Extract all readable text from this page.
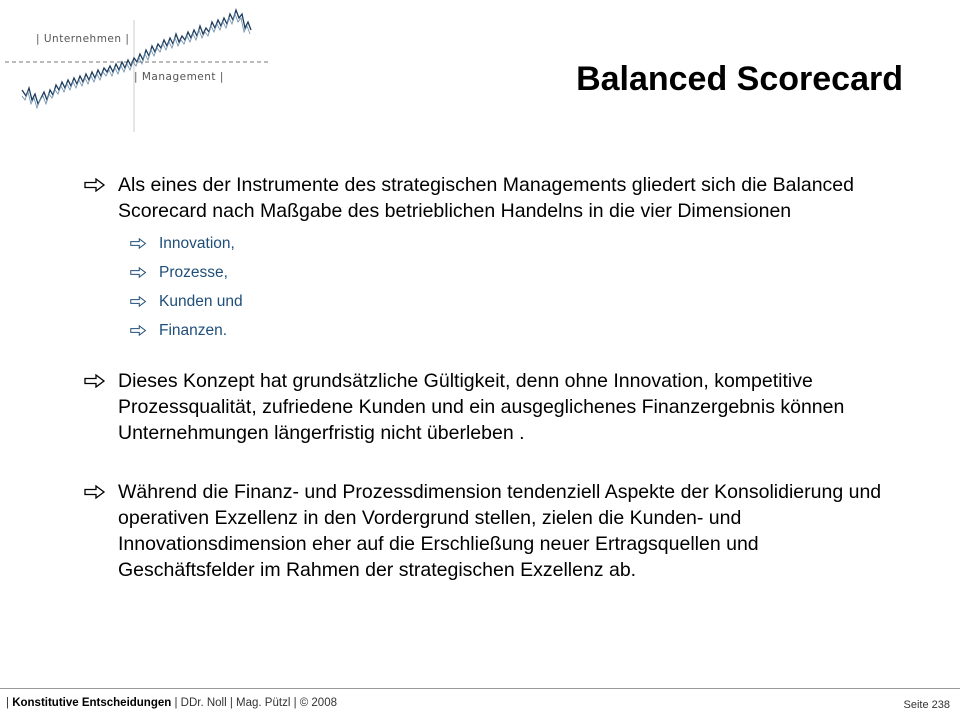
| Unternehmen |
| Management |	Balanced Scorecard
Als eines der Instrumente des strategischen Managements gliedert sich die Balanced Scorecard nach Maßgabe des betrieblichen Handelns in die vier Dimensionen
Innovation,
Prozesse,
Kunden und
Finanzen.
Dieses Konzept hat grundsätzliche Gültigkeit, denn ohne Innovation, kompetitive Prozessqualität, zufriedene Kunden und ein ausgeglichenes Finanzergebnis können Unternehmungen längerfristig nicht überleben .
Während die Finanz- und Prozessdimension tendenziell Aspekte der Konsolidierung und operativen Exzellenz in den Vordergrund stellen, zielen die Kunden- und Innovationsdimension eher auf die Erschließung neuer Ertragsquellen und Geschäftsfelder im Rahmen der strategischen Exzellenz ab.
| Konstitutive Entscheidungen | DDr. Noll | Mag. Pützl | © 2008	Seite 238
